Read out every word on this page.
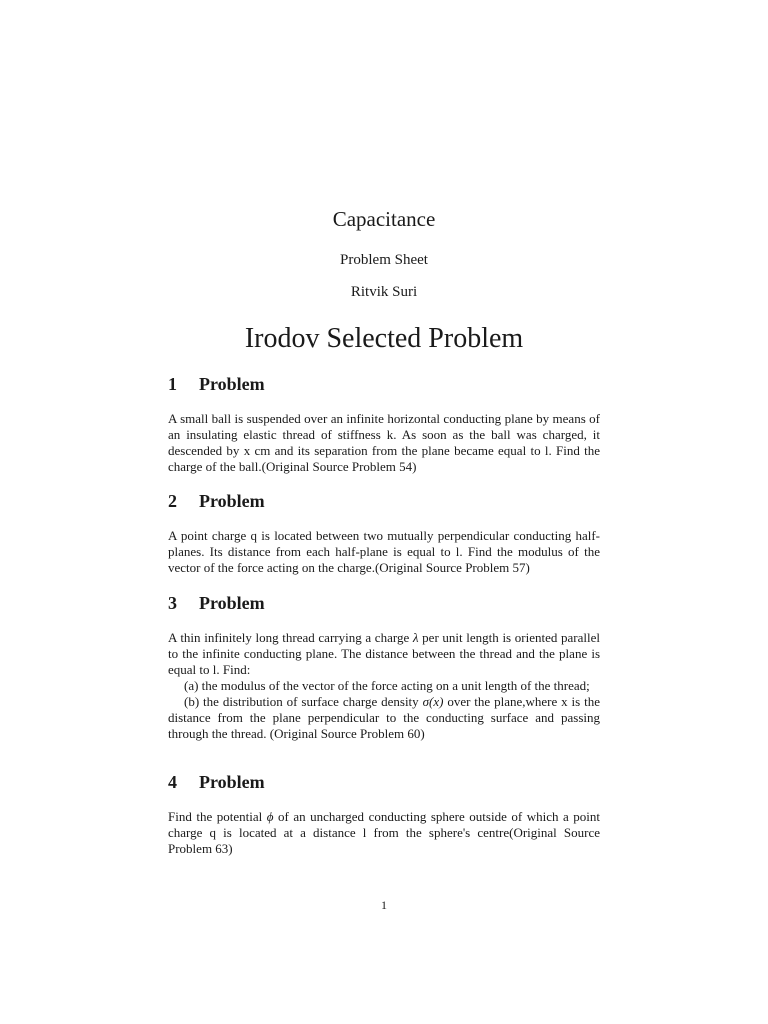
Capacitance
Problem Sheet
Ritvik Suri
Irodov Selected Problem
1 Problem

A small ball is suspended over an infinite horizontal conducting plane by means of an insulating elastic thread of stiffness k. As soon as the ball was charged, it descended by x cm and its separation from the plane became equal to l. Find the charge of the ball.(Original Source Problem 54)

2 Problem

A point charge q is located between two mutually perpendicular conducting half-planes. Its distance from each half-plane is equal to l. Find the modulus of the vector of the force acting on the charge.(Original Source Problem 57)

3 Problem

A thin infinitely long thread carrying a charge λ per unit length is oriented parallel to the infinite conducting plane. The distance between the thread and the plane is equal to l. Find:

(a) the modulus of the vector of the force acting on a unit length of the thread;

(b) the distribution of surface charge density σ(x) over the plane,where x is the distance from the plane perpendicular to the conducting surface and passing through the thread. (Original Source Problem 60)

4 Problem

Find the potential ϕ of an uncharged conducting sphere outside of which a point charge q is located at a distance l from the sphere's centre(Original Source Problem 63)

1
